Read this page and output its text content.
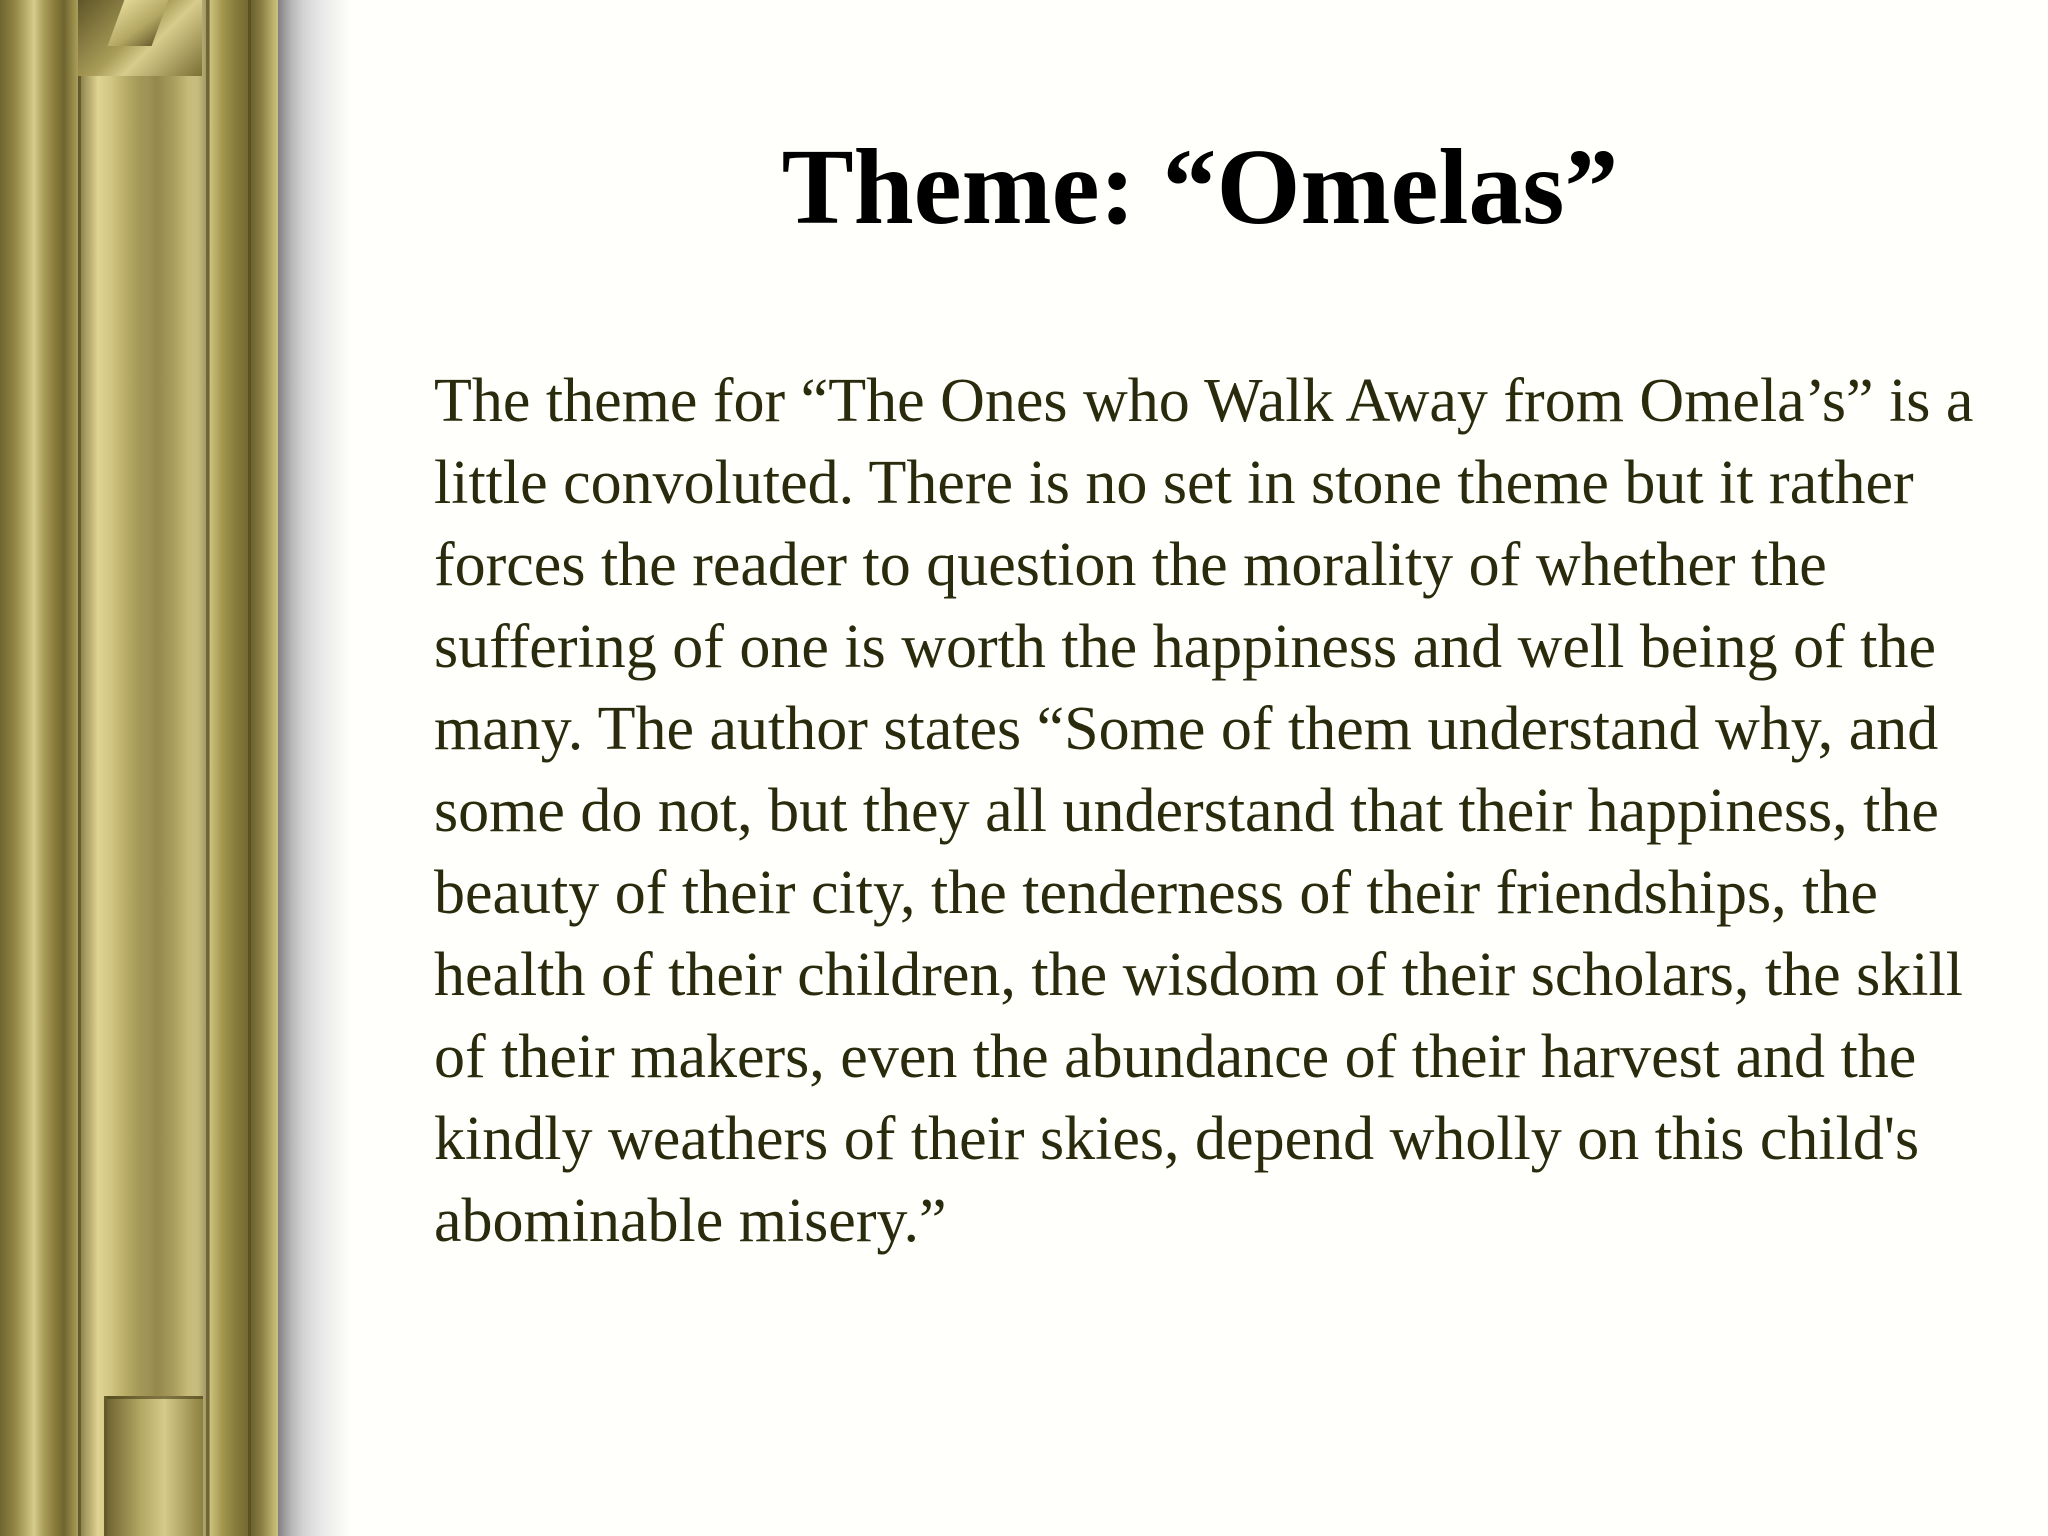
Theme: “Omelas”

The theme for “The Ones who Walk Away from Omela’s” is a little convoluted. There is no set in stone theme but it rather forces the reader to question the morality of whether the suffering of one is worth the happiness and well being of the many. The author states “Some of them understand why, and some do not, but they all understand that their happiness, the beauty of their city, the tenderness of their friendships, the health of their children, the wisdom of their scholars, the skill of their makers, even the abundance of their harvest and the kindly weathers of their skies, depend wholly on this child's abominable misery.”
